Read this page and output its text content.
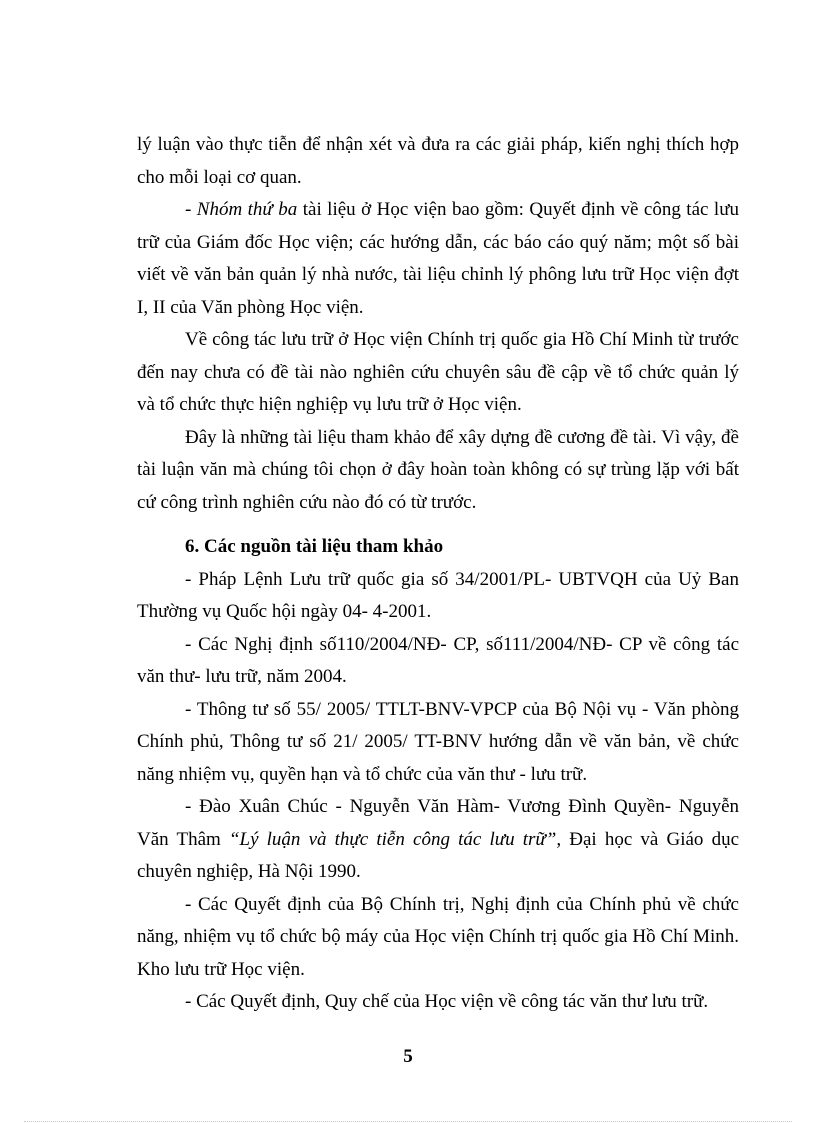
lý luận vào thực tiễn để nhận xét và đưa ra các giải pháp, kiến nghị thích hợp cho mỗi loại cơ quan.

- Nhóm thứ ba tài liệu ở Học viện bao gồm: Quyết định về công tác lưu trữ của Giám đốc Học viện; các hướng dẫn, các báo cáo quý năm; một số bài viết về văn bản quản lý nhà nước, tài liệu chỉnh lý phông lưu trữ Học viện đợt I, II của Văn phòng Học viện.

Về công tác lưu trữ ở Học viện Chính trị quốc gia Hồ Chí Minh từ trước đến nay chưa có đề tài nào nghiên cứu chuyên sâu đề cập về tổ chức quản lý và tổ chức thực hiện nghiệp vụ lưu trữ ở Học viện.

Đây là những tài liệu tham khảo để xây dựng đề cương đề tài. Vì vậy, đề tài luận văn mà chúng tôi chọn ở đây hoàn toàn không có sự trùng lặp với bất cứ công trình nghiên cứu nào đó có từ trước.

6. Các nguồn tài liệu tham khảo

- Pháp Lệnh Lưu trữ quốc gia số 34/2001/PL- UBTVQH của Uỷ Ban Thường vụ Quốc hội ngày 04- 4-2001.

- Các Nghị định số110/2004/NĐ- CP, số111/2004/NĐ- CP về công tác văn thư- lưu trữ, năm 2004.

- Thông tư số 55/ 2005/ TTLT-BNV-VPCP của Bộ Nội vụ - Văn phòng Chính phủ, Thông tư số 21/ 2005/ TT-BNV hướng dẫn về văn bản, về chức năng nhiệm vụ, quyền hạn và tổ chức của văn thư - lưu trữ.

- Đào Xuân Chúc - Nguyễn Văn Hàm- Vương Đình Quyền- Nguyễn Văn Thâm “Lý luận và thực tiễn công tác lưu trữ”, Đại học và Giáo dục chuyên nghiệp, Hà Nội 1990.

- Các Quyết định của Bộ Chính trị, Nghị định của Chính phủ về chức năng, nhiệm vụ tổ chức bộ máy của Học viện Chính trị quốc gia Hồ Chí Minh. Kho lưu trữ Học viện.

- Các Quyết định, Quy chế của Học viện về công tác văn thư lưu trữ.

5
